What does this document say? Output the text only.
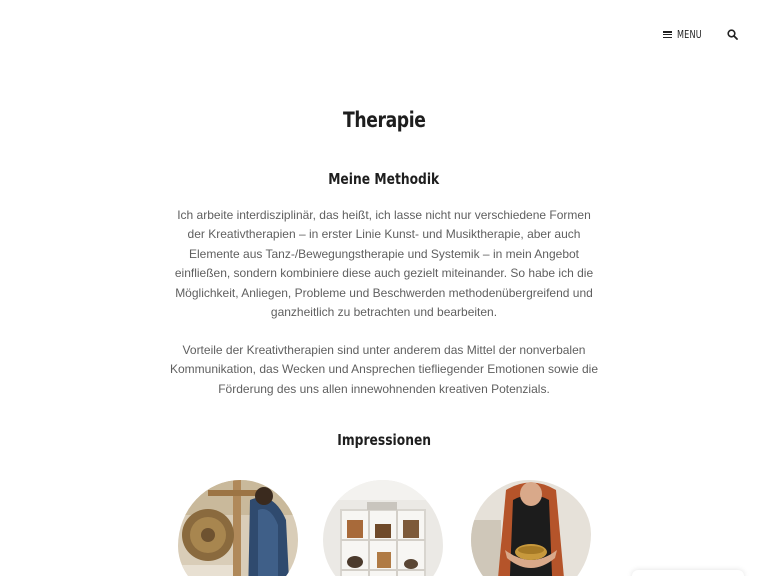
MENU
Therapie
Meine Methodik

Ich arbeite interdisziplinär, das heißt, ich lasse nicht nur verschiedene Formen der Kreativtherapien – in erster Linie Kunst- und Musiktherapie, aber auch Elemente aus Tanz-/Bewegungstherapie und Systemik – in mein Angebot einfließen, sondern kombiniere diese auch gezielt miteinander. So habe ich die Möglichkeit, Anliegen, Probleme und Beschwerden methodenübergreifend und ganzheitlich zu betrachten und bearbeiten.

Vorteile der Kreativtherapien sind unter anderem das Mittel der nonverbalen Kommunikation, das Wecken und Ansprechen tiefliegender Emotionen sowie die Förderung des uns allen innewohnenden kreativen Potenzials.

Impressionen
